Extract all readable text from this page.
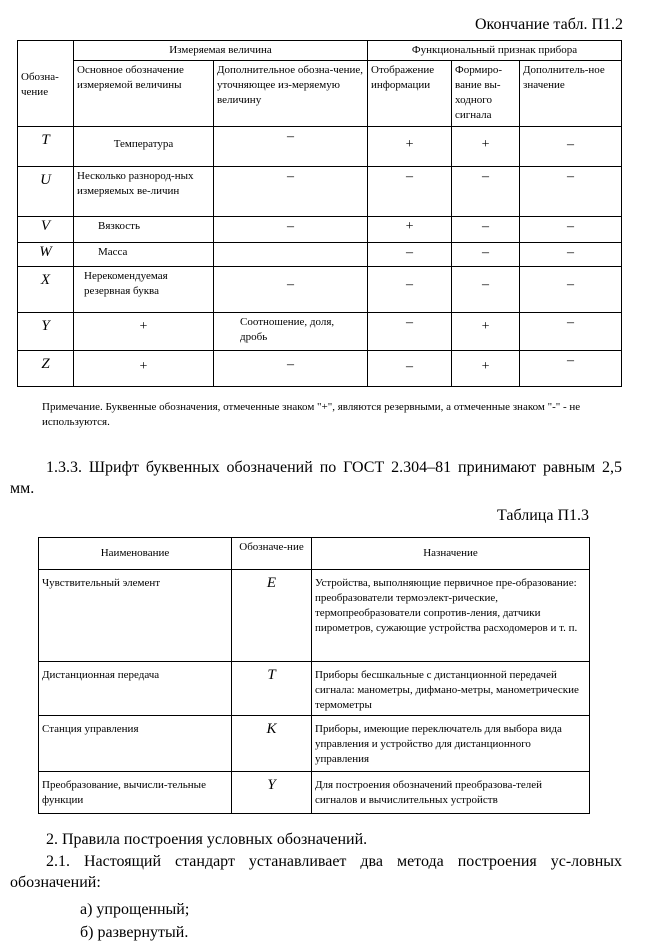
Окончание табл. П1.2
Обозна-
чение	Измеряемая величина		Функциональный признак прибора		
	Основное обозначение измеряемой величины	Дополнительное обозна-чение, уточняющее из-меряемую величину	Отображение информации	Формиро-вание вы-ходного сигнала	Дополнитель-ное значение
T	Температура	–	+	+	–
U	Несколько разнород-ных измеряемых ве-личин	–	–	–	–
V	Вязкость	–	+	–	–
W	Масса		–	–	–
X	Нерекомендуемая резервная буква	–	–	–	–
Y	+	Соотношение, доля, дробь	–	+	–
Z	+	–	–	+	–
Примечание. Буквенные обозначения, отмеченные знаком "+", являются резервными, а отмеченные знаком "-" - не используются.
1.3.3. Шрифт буквенных обозначений по ГОСТ 2.304–81 принимают равным 2,5 мм.
Таблица П1.3
Наименование	Обозначе-ние	Назначение
Чувствительный элемент	E	Устройства, выполняющие первичное пре-образование: преобразователи термоэлект-рические, термопреобразователи сопротив-ления, датчики пирометров, сужающие устройства расходомеров и т. п.
Дистанционная передача	T	Приборы бесшкальные с дистанционной передачей сигнала: манометры, дифмано-метры, манометрические термометры
Станция управления	K	Приборы, имеющие переключатель для выбора вида управления и устройство для дистанционного управления
Преобразование, вычисли-тельные функции	Y	Для построения обозначений преобразова-телей сигналов и вычислительных устройств
2. Правила построения условных обозначений.
2.1. Настоящий стандарт устанавливает два метода построения ус-ловных обозначений:
а) упрощенный;
б) развернутый.
